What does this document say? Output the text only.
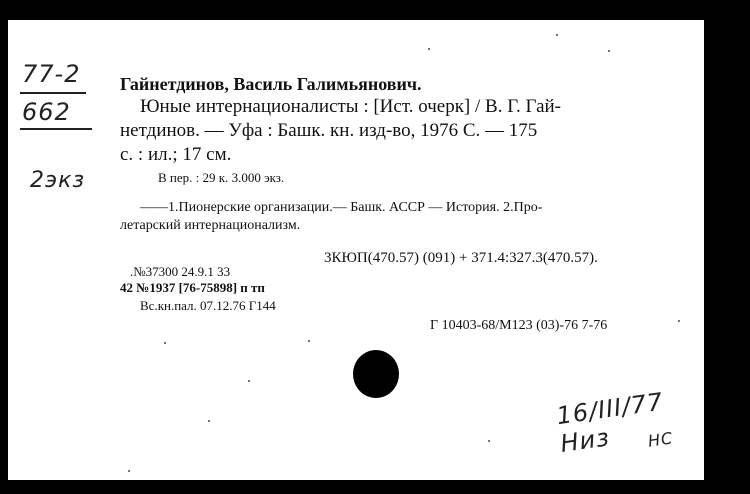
77-2
662
2экз
Гайнетдинов, Василь Галимьянович.
Юные интернационалисты : [Ист. очерк] / В. Г. Гай-
нетдинов. — Уфа : Башк. кн. изд-во, 1976 С. — 175
с. : ил.; 17 см.
В пер. : 29 к. 3.000 экз.
——1.Пионерские организации.— Башк. АССР — История. 2.Про-
летарский интернационализм.
3КЮП(470.57) (091) + 371.4:327.3(470.57).
.№37300 24.9.1 33
42 №1937 [76-75898] п тп
Вс.кн.пал. 07.12.76 Г144
Г 10403-68/М123 (03)-76 7-76
16/III/77 Низ	НС
